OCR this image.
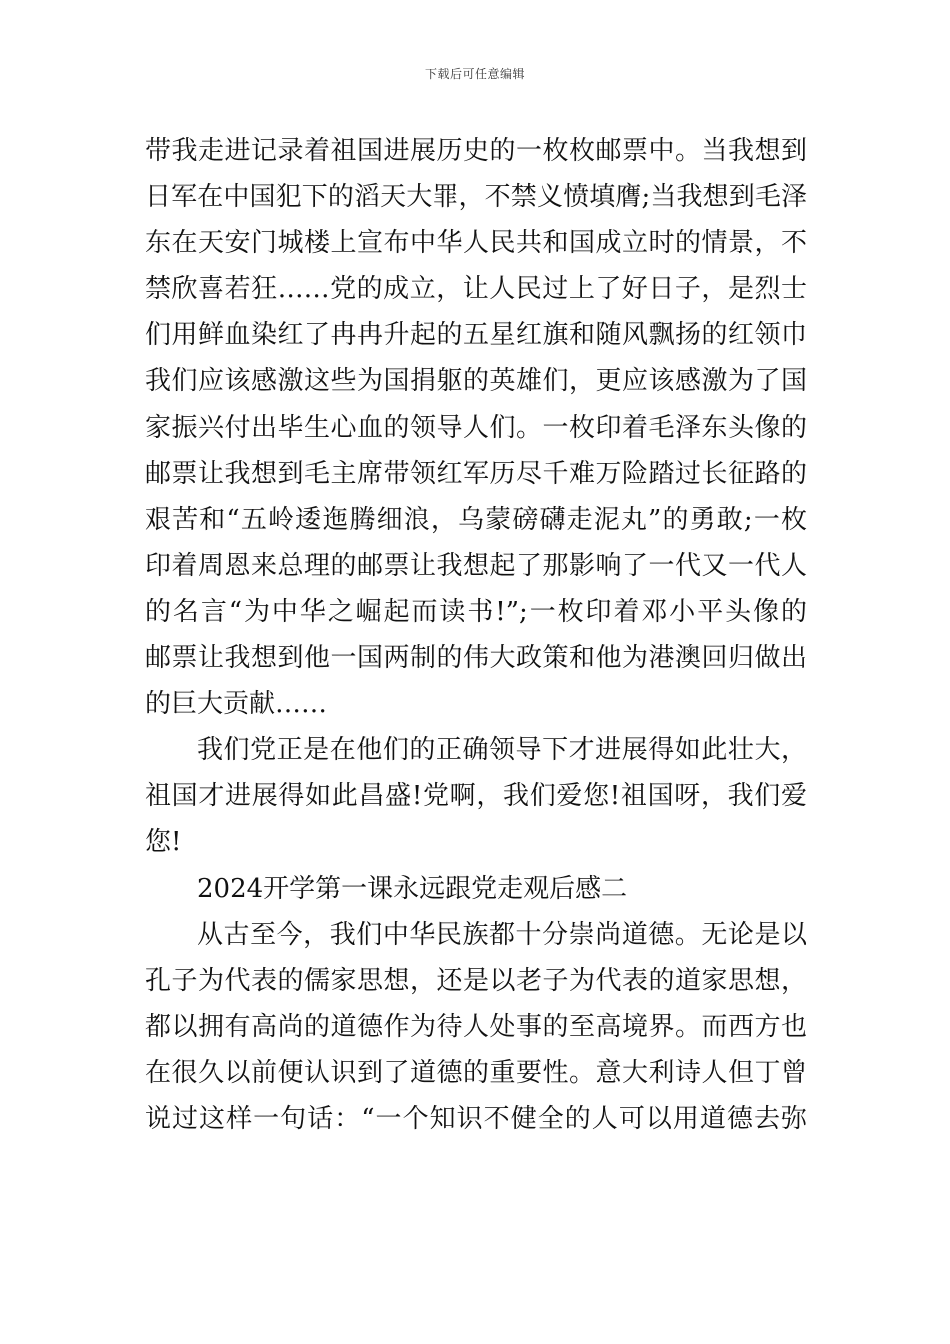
下载后可任意编辑
带我走进记录着祖国进展历史的一枚枚邮票中。当我想到
日军在中国犯下的滔天大罪，不禁义愤填膺;当我想到毛泽
东在天安门城楼上宣布中华人民共和国成立时的情景，不
禁欣喜若狂……党的成立，让人民过上了好日子，是烈士
们用鲜血染红了冉冉升起的五星红旗和随风飘扬的红领巾
我们应该感激这些为国捐躯的英雄们，更应该感激为了国
家振兴付出毕生心血的领导人们。一枚印着毛泽东头像的
邮票让我想到毛主席带领红军历尽千难万险踏过长征路的
艰苦和“五岭逶迤腾细浪，乌蒙磅礴走泥丸”的勇敢;一枚
印着周恩来总理的邮票让我想起了那影响了一代又一代人
的名言“为中华之崛起而读书!”;一枚印着邓小平头像的
邮票让我想到他一国两制的伟大政策和他为港澳回归做出
的巨大贡献……
我们党正是在他们的正确领导下才进展得如此壮大，
祖国才进展得如此昌盛!党啊，我们爱您!祖国呀，我们爱
您!
2024开学第一课永远跟党走观后感二
从古至今，我们中华民族都十分崇尚道德。无论是以
孔子为代表的儒家思想，还是以老子为代表的道家思想，
都以拥有高尚的道德作为待人处事的至高境界。而西方也
在很久以前便认识到了道德的重要性。意大利诗人但丁曾
说过这样一句话：“一个知识不健全的人可以用道德去弥
